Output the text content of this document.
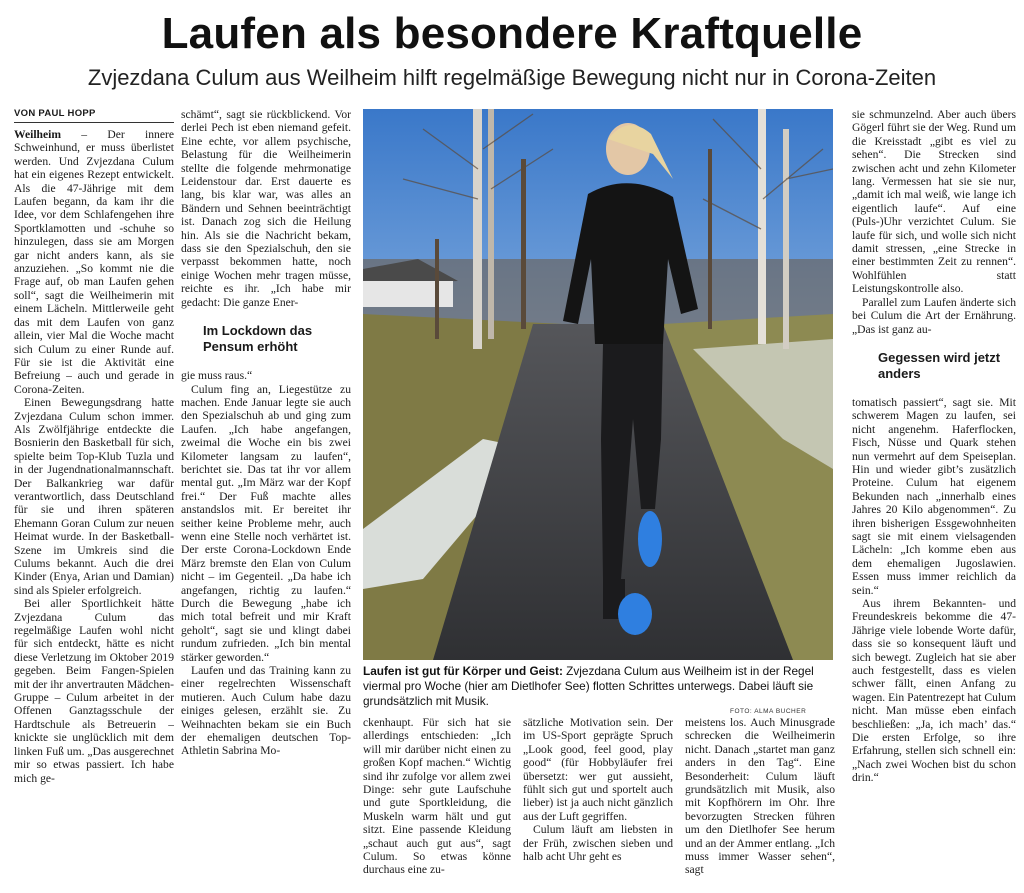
Laufen als besondere Kraftquelle
Zvjezdana Culum aus Weilheim hilft regelmäßige Bewegung nicht nur in Corona-Zeiten
VON PAUL HOPP

Weilheim – Der innere Schweinhund, er muss überlistet werden. Und Zvjezdana Culum hat ein eigenes Rezept entwickelt. Als die 47-Jährige mit dem Laufen begann, da kam ihr die Idee, vor dem Schlafengehen ihre Sportklamotten und -schuhe so hinzulegen, dass sie am Morgen gar nicht anders kann, als sie anzuziehen. „So kommt nie die Frage auf, ob man Laufen gehen soll“, sagt die Weilheimerin mit einem Lächeln. Mittlerweile geht das mit dem Laufen von ganz allein, vier Mal die Woche macht sich Culum zu einer Runde auf. Für sie ist die Aktivität eine Befreiung – auch und gerade in Corona-Zeiten.

Einen Bewegungsdrang hatte Zvjezdana Culum schon immer. Als Zwölfjährige entdeckte die Bosnierin den Basketball für sich, spielte beim Top-Klub Tuzla und in der Jugendnationalmannschaft. Der Balkankrieg war dafür verantwortlich, dass Deutschland für sie und ihren späteren Ehemann Goran Culum zur neuen Heimat wurde. In der Basketball-Szene im Umkreis sind die Culums bekannt. Auch die drei Kinder (Enya, Arian und Damian) sind als Spieler erfolgreich.

Bei aller Sportlichkeit hätte Zvjezdana Culum das regelmäßige Laufen wohl nicht für sich entdeckt, hätte es nicht diese Verletzung im Oktober 2019 gegeben. Beim Fangen-Spielen mit der ihr anvertrauten Mädchen-Gruppe – Culum arbeitet in der Offenen Ganztagsschule der Hardtschule als Betreuerin – knickte sie unglücklich mit dem linken Fuß um. „Das ausgerechnet mir so etwas passiert. Ich habe mich ge-

schämt“, sagt sie rückblickend. Vor derlei Pech ist eben niemand gefeit. Eine echte, vor allem psychische, Belastung für die Weilheimerin stellte die folgende mehrmonatige Leidenstour dar. Erst dauerte es lang, bis klar war, was alles an Bändern und Sehnen beeinträchtigt ist. Danach zog sich die Heilung hin. Als sie die Nachricht bekam, dass sie den Spezialschuh, den sie verpasst bekommen hatte, noch einige Wochen mehr tragen müsse, reichte es ihr. „Ich habe mir gedacht: Die ganze Ener-

Im Lockdown das Pensum erhöht

gie muss raus.“

Culum fing an, Liegestütze zu machen. Ende Januar legte sie auch den Spezialschuh ab und ging zum Laufen. „Ich habe angefangen, zweimal die Woche ein bis zwei Kilometer langsam zu laufen“, berichtet sie. Das tat ihr vor allem mental gut. „Im März war der Kopf frei.“ Der Fuß machte alles anstandslos mit. Er bereitet ihr seither keine Probleme mehr, auch wenn eine Stelle noch verhärtet ist. Der erste Corona-Lockdown Ende März bremste den Elan von Culum nicht – im Gegenteil. „Da habe ich angefangen, richtig zu laufen.“ Durch die Bewegung „habe ich mich total befreit und mir Kraft geholt“, sagt sie und klingt dabei rundum zufrieden. „Ich bin mental stärker geworden.“

Laufen und das Training kann zu einer regelrechten Wissenschaft mutieren. Auch Culum habe dazu einiges gelesen, erzählt sie. Zu Weihnachten bekam sie ein Buch der ehemaligen deutschen Top-Athletin Sabrina Mo-

Laufen ist gut für Körper und Geist: Zvjezdana Culum aus Weilheim ist in der Regel viermal pro Woche (hier am Dietlhofer See) flotten Schrittes unterwegs. Dabei läuft sie grundsätzlich mit Musik.
FOTO: ALMA BUCHER

ckenhaupt. Für sich hat sie allerdings entschieden: „Ich will mir darüber nicht einen zu großen Kopf machen.“ Wichtig sind ihr zufolge vor allem zwei Dinge: sehr gute Laufschuhe und gute Sportkleidung, die Muskeln warm hält und gut sitzt. Eine passende Kleidung „schaut auch gut aus“, sagt Culum. So etwas könne durchaus eine zu-

sätzliche Motivation sein. Der im US-Sport geprägte Spruch „Look good, feel good, play good“ (für Hobbyläufer frei übersetzt: wer gut aussieht, fühlt sich gut und sportelt auch lieber) ist ja auch nicht gänzlich aus der Luft gegriffen.

Culum läuft am liebsten in der Früh, zwischen sieben und halb acht Uhr geht es

meistens los. Auch Minusgrade schrecken die Weilheimerin nicht. Danach „startet man ganz anders in den Tag“. Eine Besonderheit: Culum läuft grundsätzlich mit Musik, also mit Kopfhörern im Ohr. Ihre bevorzugten Strecken führen um den Dietlhofer See herum und an der Ammer entlang. „Ich muss immer Wasser sehen“, sagt

sie schmunzelnd. Aber auch übers Gögerl führt sie der Weg. Rund um die Kreisstadt „gibt es viel zu sehen“. Die Strecken sind zwischen acht und zehn Kilometer lang. Vermessen hat sie sie nur, „damit ich mal weiß, wie lange ich eigentlich laufe“. Auf eine (Puls-)Uhr verzichtet Culum. Sie laufe für sich, und wolle sich nicht damit stressen, „eine Strecke in einer bestimmten Zeit zu rennen“. Wohlfühlen statt Leistungskontrolle also.

Parallel zum Laufen änderte sich bei Culum die Art der Ernährung. „Das ist ganz au-

Gegessen wird jetzt anders

tomatisch passiert“, sagt sie. Mit schwerem Magen zu laufen, sei nicht angenehm. Haferflocken, Fisch, Nüsse und Quark stehen nun vermehrt auf dem Speiseplan. Hin und wieder gibt’s zusätzlich Proteine. Culum hat eigenem Bekunden nach „innerhalb eines Jahres 20 Kilo abgenommen“. Zu ihren bisherigen Essgewohnheiten sagt sie mit einem vielsagenden Lächeln: „Ich komme eben aus dem ehemaligen Jugoslawien. Essen muss immer reichlich da sein.“

Aus ihrem Bekannten- und Freundeskreis bekomme die 47-Jährige viele lobende Worte dafür, dass sie so konsequent läuft und sich bewegt. Zugleich hat sie aber auch festgestellt, dass es vielen schwer fällt, einen Anfang zu wagen. Ein Patentrezept hat Culum nicht. Man müsse eben einfach beschließen: „Ja, ich mach’ das.“ Die ersten Erfolge, so ihre Erfahrung, stellen sich schnell ein: „Nach zwei Wochen bist du schon drin.“
